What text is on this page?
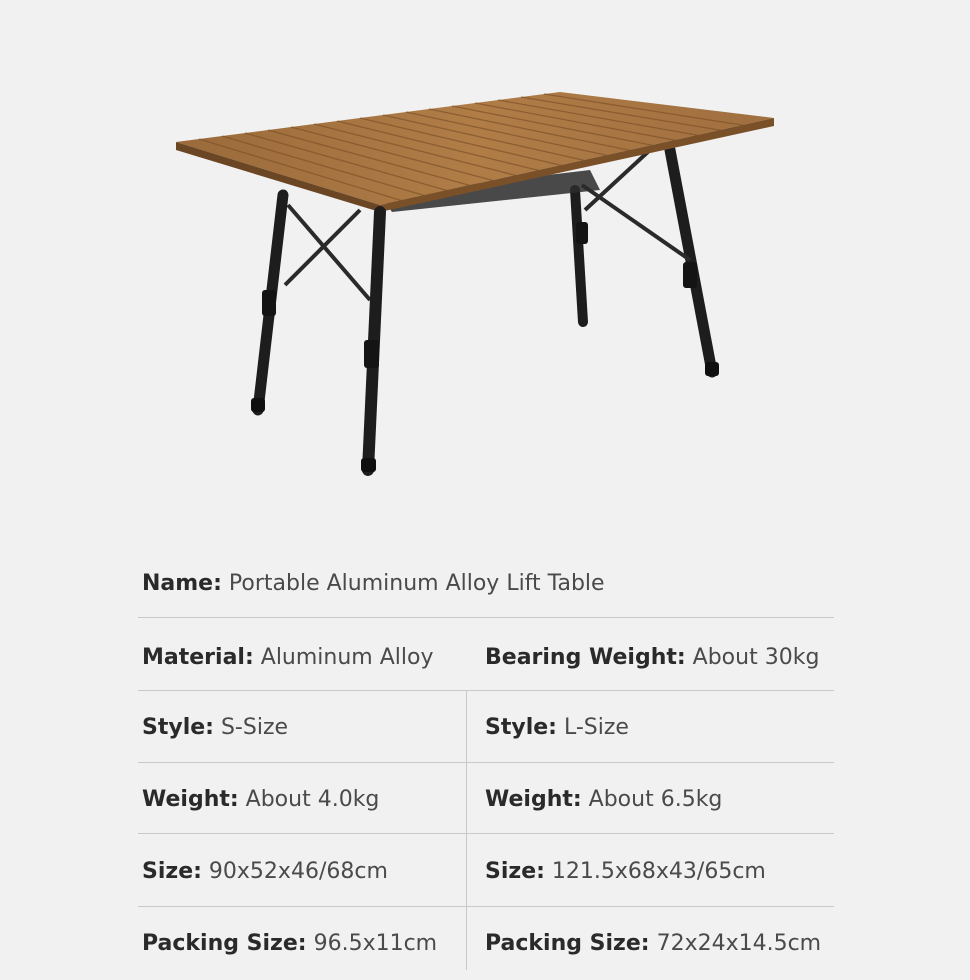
Name: Portable Aluminum Alloy Lift Table
Material: Aluminum Alloy Bearing Weight: About 30kg
Style: S-Size	Style: L-Size
Weight: About 4.0kg	Weight: About 6.5kg
Size: 90x52x46/68cm	Size: 121.5x68x43/65cm
Packing Size: 96.5x11cm Packing Size: 72x24x14.5cm
